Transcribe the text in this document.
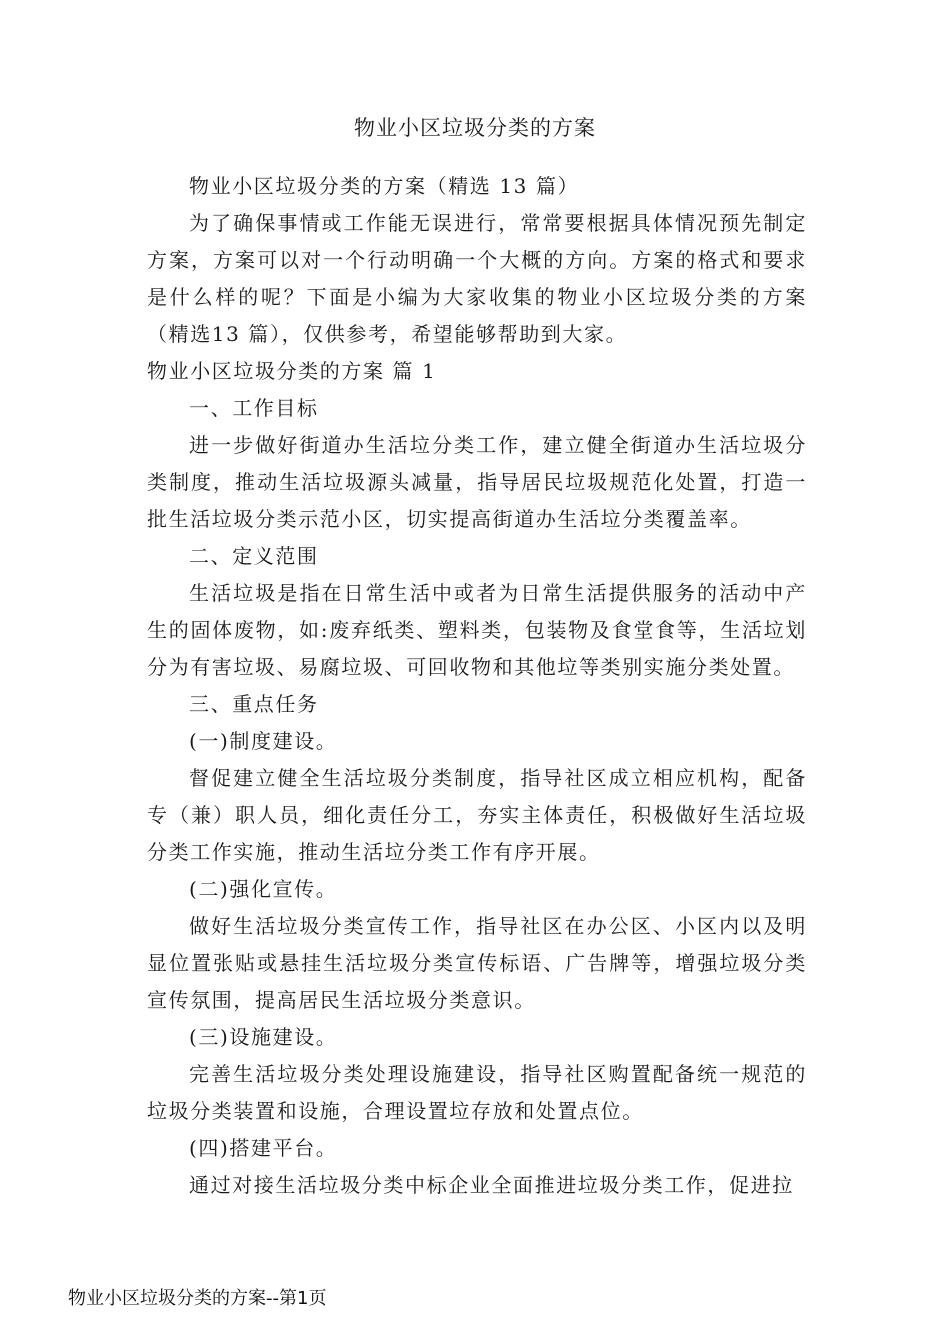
物业小区垃圾分类的方案

物业小区垃圾分类的方案（精选 13 篇）

为了确保事情或工作能无误进行，常常要根据具体情况预先制定方案，方案可以对一个行动明确一个大概的方向。方案的格式和要求是什么样的呢？下面是小编为大家收集的物业小区垃圾分类的方案（精选13 篇），仅供参考，希望能够帮助到大家。

物业小区垃圾分类的方案 篇 1

一、工作目标

进一步做好街道办生活垃分类工作，建立健全街道办生活垃圾分类制度，推动生活垃圾源头减量，指导居民垃圾规范化处置，打造一批生活垃圾分类示范小区，切实提高街道办生活垃分类覆盖率。

二、定义范围

生活垃圾是指在日常生活中或者为日常生活提供服务的活动中产生的固体废物，如:废弃纸类、塑料类，包装物及食堂食等，生活垃划分为有害垃圾、易腐垃圾、可回收物和其他垃等类别实施分类处置。

三、重点任务

(一)制度建设。

督促建立健全生活垃圾分类制度，指导社区成立相应机构，配备专（兼）职人员，细化责任分工，夯实主体责任，积极做好生活垃圾分类工作实施，推动生活垃分类工作有序开展。

(二)强化宣传。

做好生活垃圾分类宣传工作，指导社区在办公区、小区内以及明显位置张贴或悬挂生活垃圾分类宣传标语、广告牌等，增强垃圾分类宣传氛围，提高居民生活垃圾分类意识。

(三)设施建设。

完善生活垃圾分类处理设施建设，指导社区购置配备统一规范的垃圾分类装置和设施，合理设置垃存放和处置点位。

(四)搭建平台。

通过对接生活垃圾分类中标企业全面推进垃圾分类工作，促进拉

物业小区垃圾分类的方案--第1页
